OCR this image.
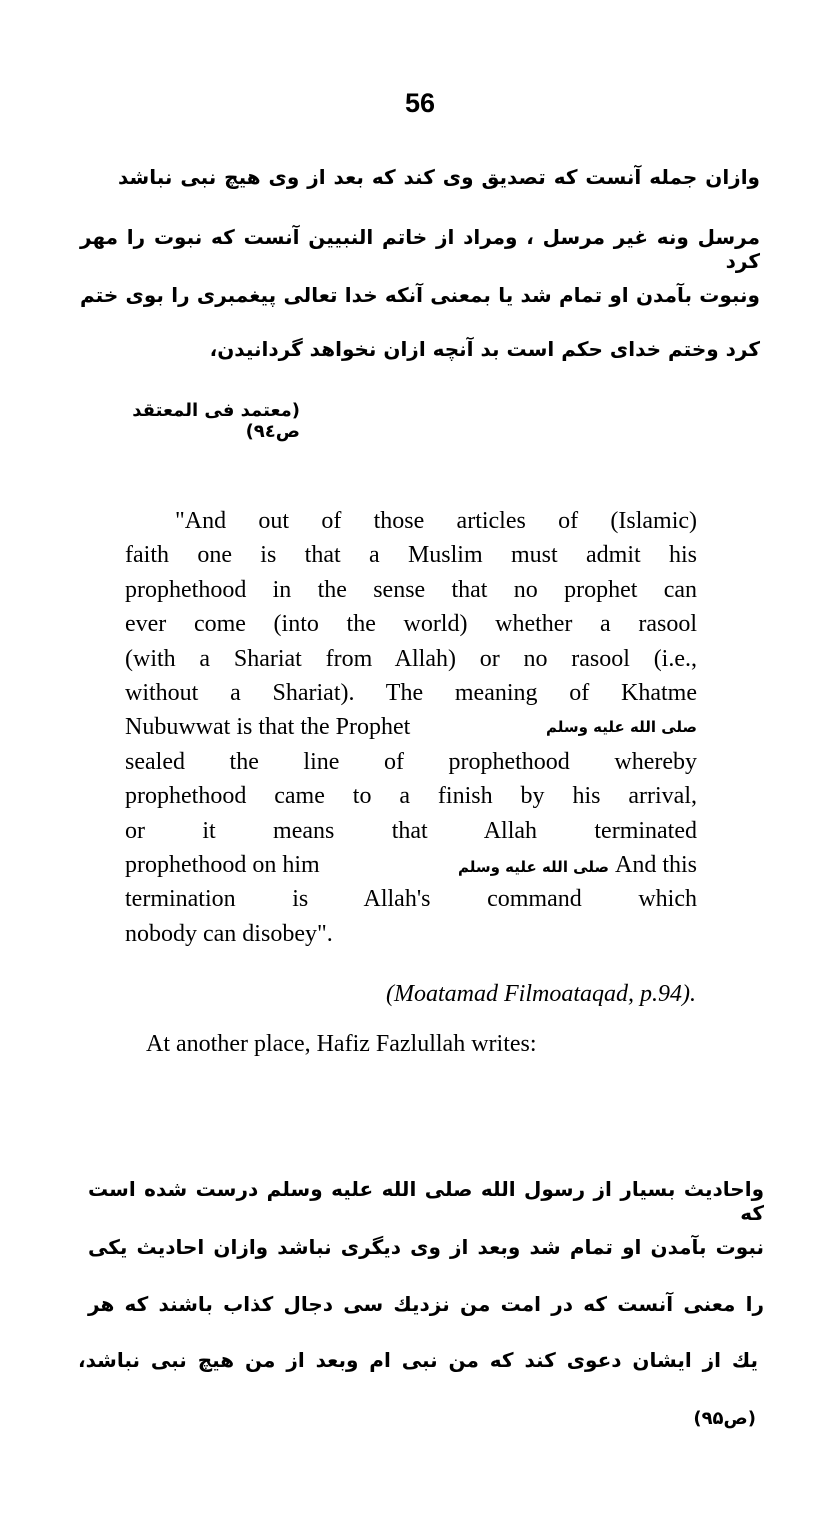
56
وازان جمله آنست که تصدیق وی کند که بعد از وی هیچ نبی نباشد
مرسل ونه غیر مرسل ، ومراد از خاتم النبیین آنست که نبوت را مهر کرد
ونبوت بآمدن او تمام شد یا بمعنی آنکه خدا تعالی پیغمبری را بوی ختم
کرد وختم خدای حکم است بد آنچه ازان نخواهد گردانیدن،
(معتمد فی المعتقد ص۹٤)
"And out of those articles of (Islamic)
faith one is that a Muslim must admit his
prophethood in the sense that no prophet can
ever come (into the world) whether a rasool
(with a Shariat from Allah) or no rasool (i.e.,
without a Shariat). The meaning of Khatme
Nubuwwat is that the Prophet	صلی الله علیه وسلم
sealed the line of prophethood whereby
prophethood came to a finish by his arrival,
or it means that Allah terminated
prophethood on him	صلی الله علیه وسلم And this
termination is Allah's command which
nobody can disobey".
(Moatamad Filmoataqad, p.94).
At another place, Hafiz Fazlullah writes:
واحادیث بسیار از رسول الله صلی الله علیه وسلم درست شده است که
نبوت بآمدن او تمام شد وبعد از وی دیگری نباشد وازان احادیث یکی
را معنی آنست که در امت من نزدیك سی دجال کذاب باشند که هر
یك از ایشان دعوی کند که من نبی ام وبعد از من هیچ نبی نباشد،
(ص۹۵)
